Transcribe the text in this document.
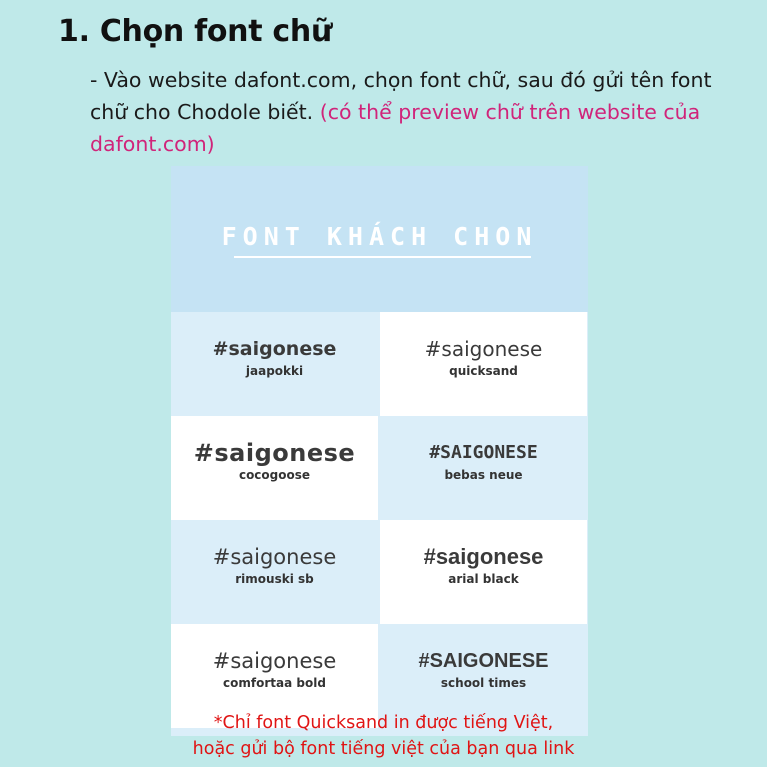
1. Chọn font chữ
- Vào website dafont.com, chọn font chữ, sau đó gửi tên font chữ cho Chodole biết. (có thể preview chữ trên website của dafont.com)
FONT KHÁCH CHON
#saigonese
jaapokki
#saigonese
quicksand
#saigonese
cocogoose
#SAIGONESE
bebas neue
#saigonese
rimouski sb
#saigonese
arial black
#saigonese
comfortaa bold
#SAIGONESE
school times
*Chỉ font Quicksand in được tiếng Việt,
hoặc gửi bộ font tiếng việt của bạn qua link
